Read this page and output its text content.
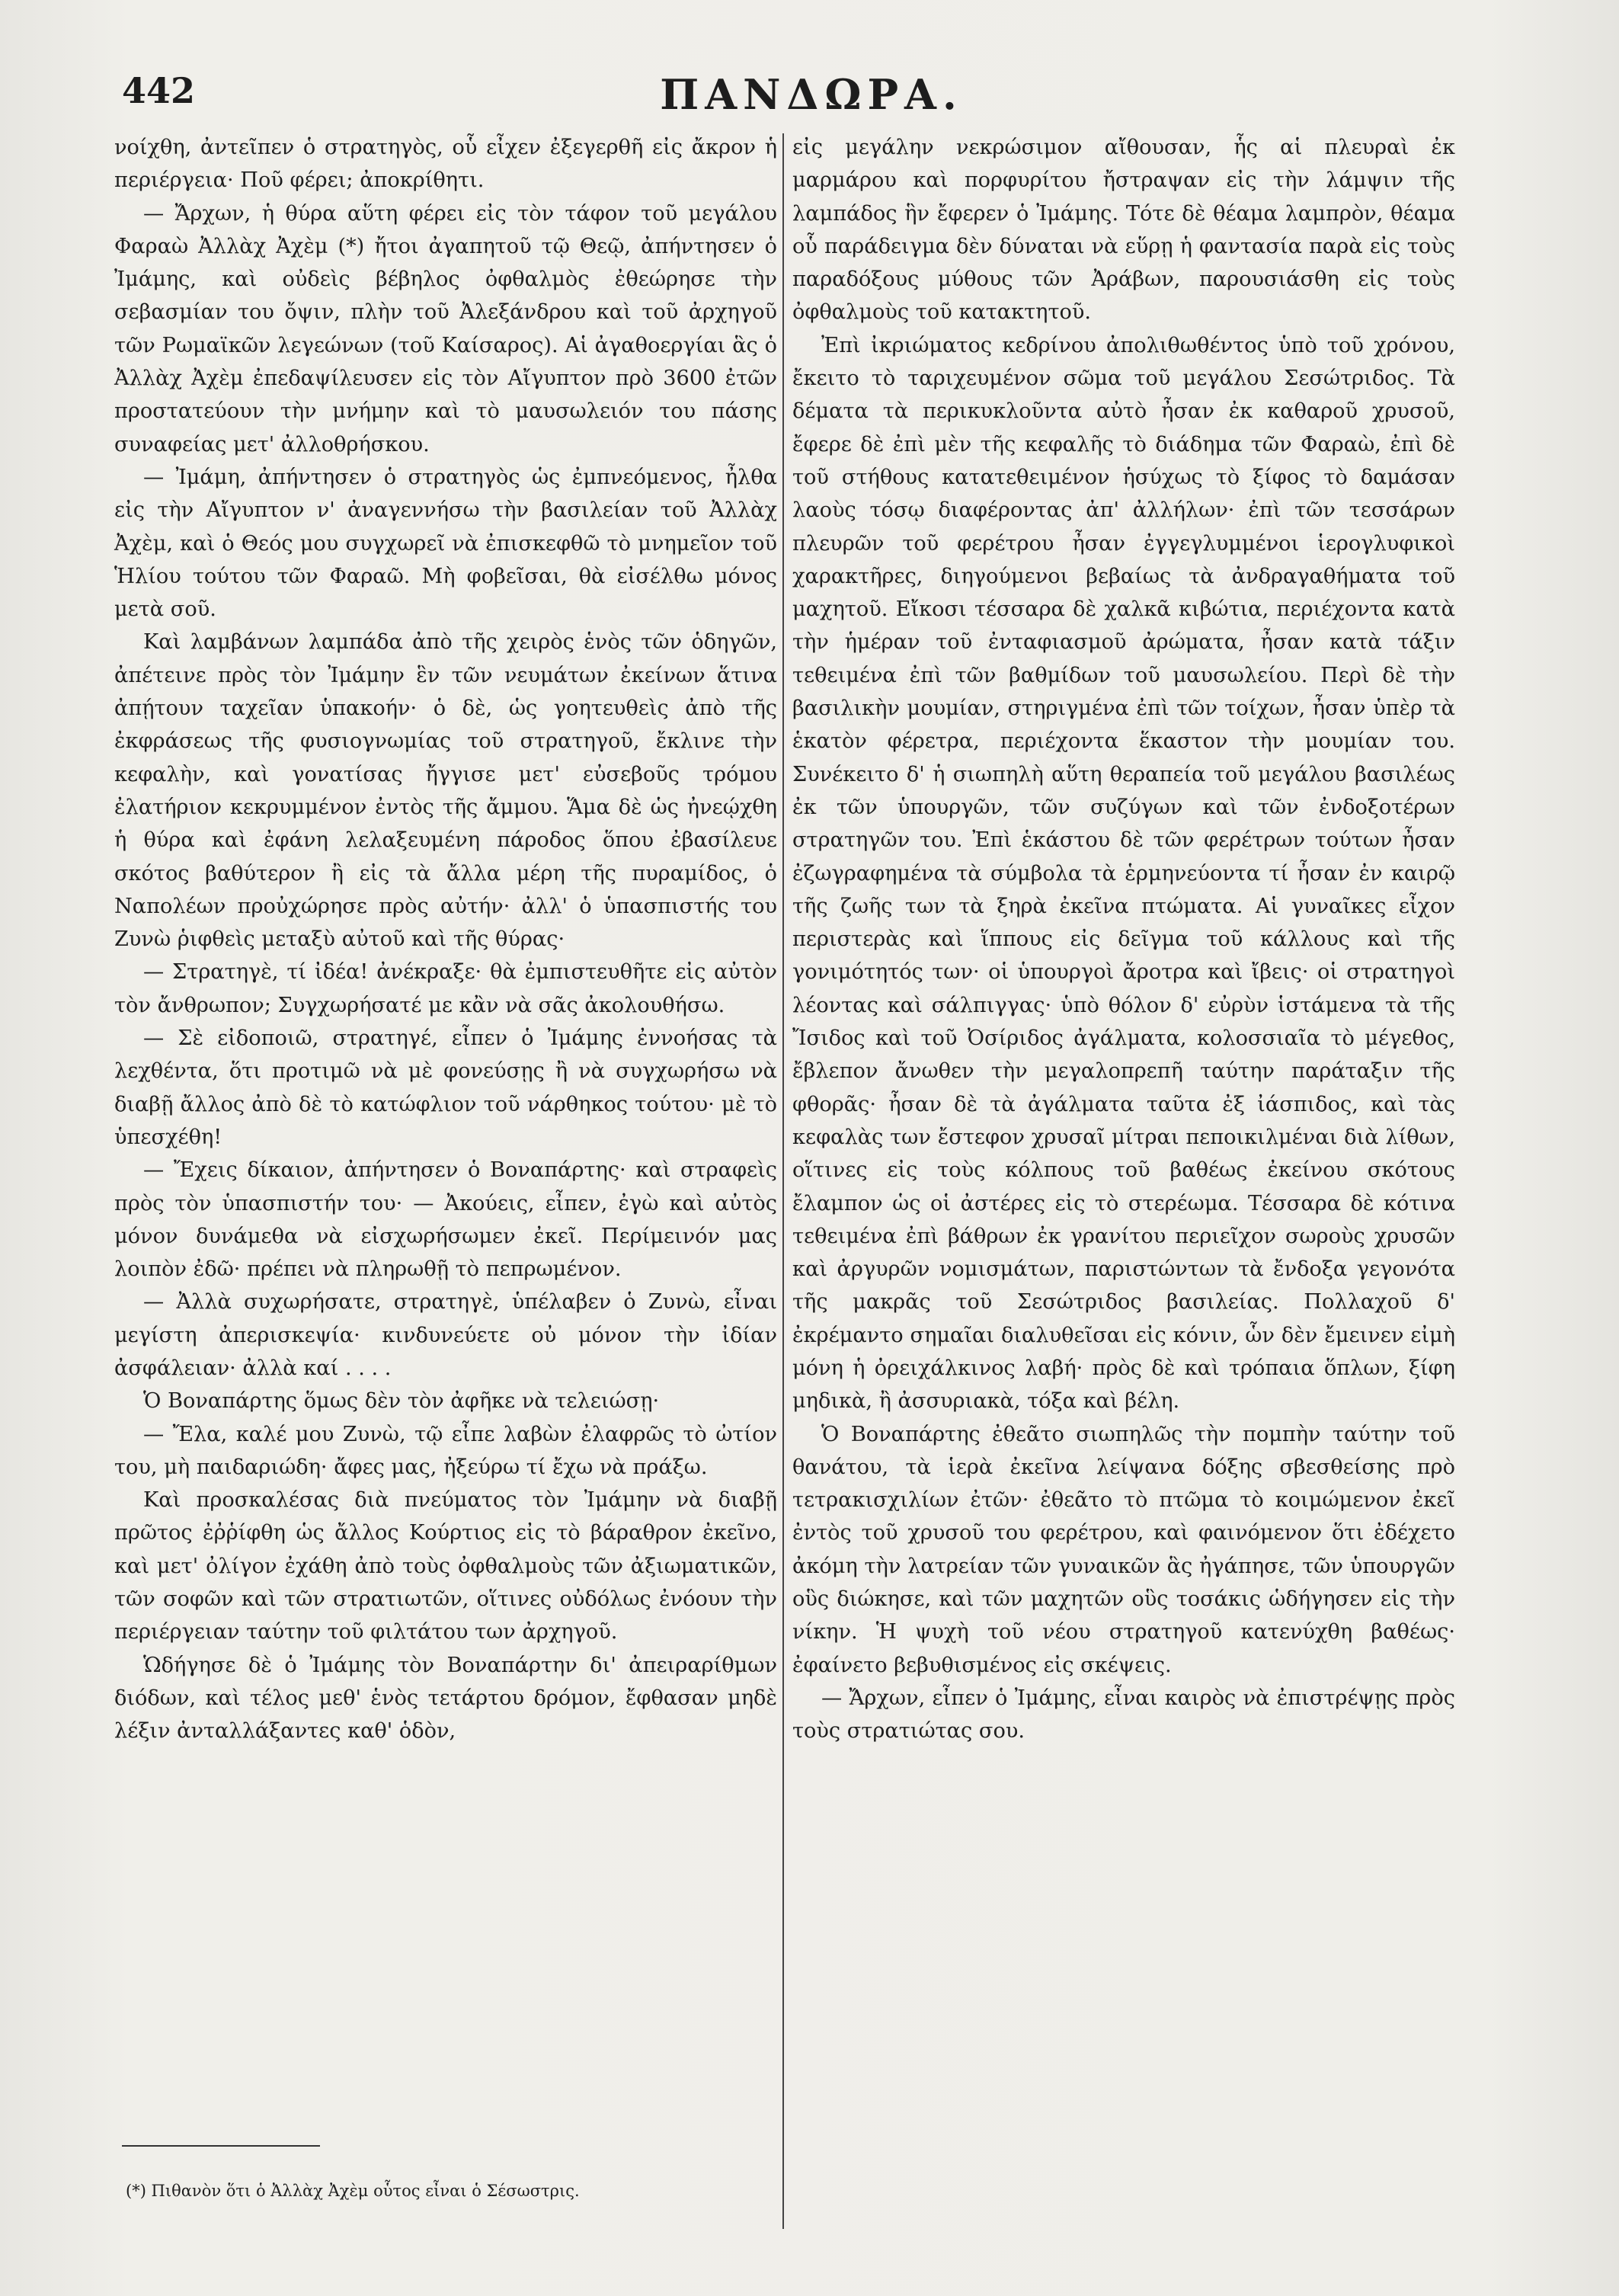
442	ΠΑΝΔΩΡΑ.

νοίχθη, ἀντεῖπεν ὁ στρατηγὸς, οὗ εἶχεν ἐξεγερθῆ εἰς ἄκρον ἡ περιέργεια· Ποῦ φέρει; ἀποκρίθητι.

— Ἄρχων, ἡ θύρα αὕτη φέρει εἰς τὸν τάφον τοῦ μεγάλου Φαραὼ Ἀλλὰχ Ἀχὲμ (*) ἤτοι ἀγαπητοῦ τῷ Θεῷ, ἀπήντησεν ὁ Ἰμάμης, καὶ οὐδεὶς βέβηλος ὀφθαλμὸς ἐθεώρησε τὴν σεβασμίαν του ὄψιν, πλὴν τοῦ Ἀλεξάνδρου καὶ τοῦ ἀρχηγοῦ τῶν Ρωμαϊκῶν λεγεώνων (τοῦ Καίσαρος). Αἱ ἀγαθοεργίαι ἃς ὁ Ἀλλὰχ Ἀχὲμ ἐπεδαψίλευσεν εἰς τὸν Αἴγυπτον πρὸ 3600 ἐτῶν προστατεύουν τὴν μνήμην καὶ τὸ μαυσωλειόν του πάσης συναφείας μετ' ἀλλοθρήσκου.

— Ἰμάμη, ἀπήντησεν ὁ στρατηγὸς ὡς ἐμπνεόμενος, ἦλθα εἰς τὴν Αἴγυπτον ν' ἀναγεννήσω τὴν βασιλείαν τοῦ Ἀλλὰχ Ἀχὲμ, καὶ ὁ Θεός μου συγχωρεῖ νὰ ἐπισκεφθῶ τὸ μνημεῖον τοῦ Ἡλίου τούτου τῶν Φαραῶ. Μὴ φοβεῖσαι, θὰ εἰσέλθω μόνος μετὰ σοῦ.

Καὶ λαμβάνων λαμπάδα ἀπὸ τῆς χειρὸς ἑνὸς τῶν ὁδηγῶν, ἀπέτεινε πρὸς τὸν Ἰμάμην ἓν τῶν νευμάτων ἐκείνων ἅτινα ἀπῄτουν ταχεῖαν ὑπακοήν· ὁ δὲ, ὡς γοητευθεὶς ἀπὸ τῆς ἐκφράσεως τῆς φυσιογνωμίας τοῦ στρατηγοῦ, ἔκλινε τὴν κεφαλὴν, καὶ γονατίσας ἤγγισε μετ' εὐσεβοῦς τρόμου ἐλατήριον κεκρυμμένον ἐντὸς τῆς ἄμμου. Ἅμα δὲ ὡς ἠνεῴχθη ἡ θύρα καὶ ἐφάνη λελαξευμένη πάροδος ὅπου ἐβασίλευε σκότος βαθύτερον ἢ εἰς τὰ ἄλλα μέρη τῆς πυραμίδος, ὁ Ναπολέων προὐχώρησε πρὸς αὐτήν· ἀλλ' ὁ ὑπασπιστής του Ζυνὼ ῥιφθεὶς μεταξὺ αὐτοῦ καὶ τῆς θύρας·

— Στρατηγὲ, τί ἰδέα! ἀνέκραξε· θὰ ἐμπιστευθῆτε εἰς αὐτὸν τὸν ἄνθρωπον; Συγχωρήσατέ με κἂν νὰ σᾶς ἀκολουθήσω.

— Σὲ εἰδοποιῶ, στρατηγέ, εἶπεν ὁ Ἰμάμης ἐννοήσας τὰ λεχθέντα, ὅτι προτιμῶ νὰ μὲ φονεύσῃς ἢ νὰ συγχωρήσω νὰ διαβῇ ἄλλος ἀπὸ δὲ τὸ κατώφλιον τοῦ νάρθηκος τούτου· μὲ τὸ ὑπεσχέθη!

— Ἔχεις δίκαιον, ἀπήντησεν ὁ Βοναπάρτης· καὶ στραφεὶς πρὸς τὸν ὑπασπιστήν του· — Ἀκούεις, εἶπεν, ἐγὼ καὶ αὐτὸς μόνον δυνάμεθα νὰ εἰσχωρήσωμεν ἐκεῖ. Περίμεινόν μας λοιπὸν ἐδῶ· πρέπει νὰ πληρωθῇ τὸ πεπρωμένον.

— Ἀλλὰ συχωρήσατε, στρατηγὲ, ὑπέλαβεν ὁ Ζυνὼ, εἶναι μεγίστη ἀπερισκεψία· κινδυνεύετε οὐ μόνον τὴν ἰδίαν ἀσφάλειαν· ἀλλὰ καί . . . .

Ὁ Βοναπάρτης ὅμως δὲν τὸν ἀφῆκε νὰ τελειώσῃ·

— Ἔλα, καλέ μου Ζυνὼ, τῷ εἶπε λαβὼν ἐλαφρῶς τὸ ὠτίον του, μὴ παιδαριώδη· ἄφες μας, ἠξεύρω τί ἔχω νὰ πράξω.

Καὶ προσκαλέσας διὰ πνεύματος τὸν Ἰμάμην νὰ διαβῇ πρῶτος ἐῤῥίφθη ὡς ἄλλος Κούρτιος εἰς τὸ βάραθρον ἐκεῖνο, καὶ μετ' ὀλίγον ἐχάθη ἀπὸ τοὺς ὀφθαλμοὺς τῶν ἀξιωματικῶν, τῶν σοφῶν καὶ τῶν στρατιωτῶν, οἵτινες οὐδόλως ἐνόουν τὴν περιέργειαν ταύτην τοῦ φιλτάτου των ἀρχηγοῦ.

Ὡδήγησε δὲ ὁ Ἰμάμης τὸν Βοναπάρτην δι' ἀπειραρίθμων διόδων, καὶ τέλος μεθ' ἑνὸς τετάρτου δρόμον, ἔφθασαν μηδὲ λέξιν ἀνταλλάξαντες καθ' ὁδὸν,

εἰς μεγάλην νεκρώσιμον αἴθουσαν, ἧς αἱ πλευραὶ ἐκ μαρμάρου καὶ πορφυρίτου ἤστραψαν εἰς τὴν λάμψιν τῆς λαμπάδος ἣν ἔφερεν ὁ Ἰμάμης. Τότε δὲ θέαμα λαμπρὸν, θέαμα οὗ παράδειγμα δὲν δύναται νὰ εὕρῃ ἡ φαντασία παρὰ εἰς τοὺς παραδόξους μύθους τῶν Ἀράβων, παρουσιάσθη εἰς τοὺς ὀφθαλμοὺς τοῦ κατακτητοῦ.

Ἐπὶ ἰκριώματος κεδρίνου ἀπολιθωθέντος ὑπὸ τοῦ χρόνου, ἔκειτο τὸ ταριχευμένον σῶμα τοῦ μεγάλου Σεσώτριδος. Τὰ δέματα τὰ περικυκλοῦντα αὐτὸ ἦσαν ἐκ καθαροῦ χρυσοῦ, ἔφερε δὲ ἐπὶ μὲν τῆς κεφαλῆς τὸ διάδημα τῶν Φαραὼ, ἐπὶ δὲ τοῦ στήθους κατατεθειμένον ἡσύχως τὸ ξίφος τὸ δαμάσαν λαοὺς τόσῳ διαφέροντας ἀπ' ἀλλήλων· ἐπὶ τῶν τεσσάρων πλευρῶν τοῦ φερέτρου ἦσαν ἐγγεγλυμμένοι ἱερογλυφικοὶ χαρακτῆρες, διηγούμενοι βεβαίως τὰ ἀνδραγαθήματα τοῦ μαχητοῦ. Εἴκοσι τέσσαρα δὲ χαλκᾶ κιβώτια, περιέχοντα κατὰ τὴν ἡμέραν τοῦ ἐνταφιασμοῦ ἀρώματα, ἦσαν κατὰ τάξιν τεθειμένα ἐπὶ τῶν βαθμίδων τοῦ μαυσωλείου. Περὶ δὲ τὴν βασιλικὴν μουμίαν, στηριγμένα ἐπὶ τῶν τοίχων, ἦσαν ὑπὲρ τὰ ἑκατὸν φέρετρα, περιέχοντα ἕκαστον τὴν μουμίαν του. Συνέκειτο δ' ἡ σιωπηλὴ αὕτη θεραπεία τοῦ μεγάλου βασιλέως ἐκ τῶν ὑπουργῶν, τῶν συζύγων καὶ τῶν ἐνδοξοτέρων στρατηγῶν του. Ἐπὶ ἑκάστου δὲ τῶν φερέτρων τούτων ἦσαν ἐζωγραφημένα τὰ σύμβολα τὰ ἑρμηνεύοντα τί ἦσαν ἐν καιρῷ τῆς ζωῆς των τὰ ξηρὰ ἐκεῖνα πτώματα. Αἱ γυναῖκες εἶχον περιστερὰς καὶ ἵππους εἰς δεῖγμα τοῦ κάλλους καὶ τῆς γονιμότητός των· οἱ ὑπουργοὶ ἄροτρα καὶ ἴβεις· οἱ στρατηγοὶ λέοντας καὶ σάλπιγγας· ὑπὸ θόλον δ' εὐρὺν ἱστάμενα τὰ τῆς Ἴσιδος καὶ τοῦ Ὀσίριδος ἀγάλματα, κολοσσιαῖα τὸ μέγεθος, ἔβλεπον ἄνωθεν τὴν μεγαλοπρεπῆ ταύτην παράταξιν τῆς φθορᾶς· ἦσαν δὲ τὰ ἀγάλματα ταῦτα ἐξ ἰάσπιδος, καὶ τὰς κεφαλὰς των ἔστεφον χρυσαῖ μίτραι πεποικιλμέναι διὰ λίθων, οἵτινες εἰς τοὺς κόλπους τοῦ βαθέως ἐκείνου σκότους ἔλαμπον ὡς οἱ ἀστέρες εἰς τὸ στερέωμα. Τέσσαρα δὲ κότινα τεθειμένα ἐπὶ βάθρων ἐκ γρανίτου περιεῖχον σωροὺς χρυσῶν καὶ ἀργυρῶν νομισμάτων, παριστώντων τὰ ἔνδοξα γεγονότα τῆς μακρᾶς τοῦ Σεσώτριδος βασιλείας. Πολλαχοῦ δ' ἐκρέμαντο σημαῖαι διαλυθεῖσαι εἰς κόνιν, ὧν δὲν ἔμεινεν εἰμὴ μόνη ἡ ὀρειχάλκινος λαβή· πρὸς δὲ καὶ τρόπαια ὅπλων, ξίφη μηδικὰ, ἢ ἀσσυριακὰ, τόξα καὶ βέλη.

Ὁ Βοναπάρτης ἐθεᾶτο σιωπηλῶς τὴν πομπὴν ταύτην τοῦ θανάτου, τὰ ἱερὰ ἐκεῖνα λείψανα δόξης σβεσθείσης πρὸ τετρακισχιλίων ἐτῶν· ἐθεᾶτο τὸ πτῶμα τὸ κοιμώμενον ἐκεῖ ἐντὸς τοῦ χρυσοῦ του φερέτρου, καὶ φαινόμενον ὅτι ἐδέχετο ἀκόμη τὴν λατρείαν τῶν γυναικῶν ἃς ἠγάπησε, τῶν ὑπουργῶν οὓς διώκησε, καὶ τῶν μαχητῶν οὓς τοσάκις ὡδήγησεν εἰς τὴν νίκην. Ἡ ψυχὴ τοῦ νέου στρατηγοῦ κατενύχθη βαθέως· ἐφαίνετο βεβυθισμένος εἰς σκέψεις.

— Ἄρχων, εἶπεν ὁ Ἰμάμης, εἶναι καιρὸς νὰ ἐπιστρέψῃς πρὸς τοὺς στρατιώτας σου.

(*) Πιθανὸν ὅτι ὁ Ἀλλὰχ Ἀχὲμ οὗτος εἶναι ὁ Σέσωστρις.
